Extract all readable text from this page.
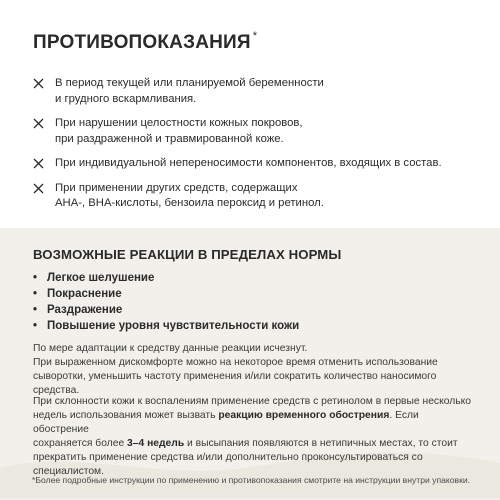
ПРОТИВОПОКАЗАНИЯ *
В период текущей или планируемой беременности
и грудного вскармливания.
При нарушении целостности кожных покровов,
при раздраженной и травмированной коже.
При индивидуальной непереносимости компонентов, входящих в состав.
При применении других средств, содержащих
AHA-, BHA-кислоты, бензоила пероксид и ретинол.
ВОЗМОЖНЫЕ РЕАКЦИИ В ПРЕДЕЛАХ НОРМЫ
• Легкое шелушение
• Покраснение
• Раздражение
• Повышение уровня чувствительности кожи
По мере адаптации к средству данные реакции исчезнут.
При выраженном дискомфорте можно на некоторое время отменить использование
сыворотки, уменьшить частоту применения и/или сократить количество наносимого
средства.
При склонности кожи к воспалениям применение средств с ретинолом в первые несколько
недель использования может вызвать реакцию временного обострения. Если обострение
сохраняется более 3–4 недель и высыпания появляются в нетипичных местах, то стоит
прекратить применение средства и/или дополнительно проконсультироваться со
специалистом.
*Более подробные инструкции по применению и противопоказания смотрите на инструкции внутри упаковки.
